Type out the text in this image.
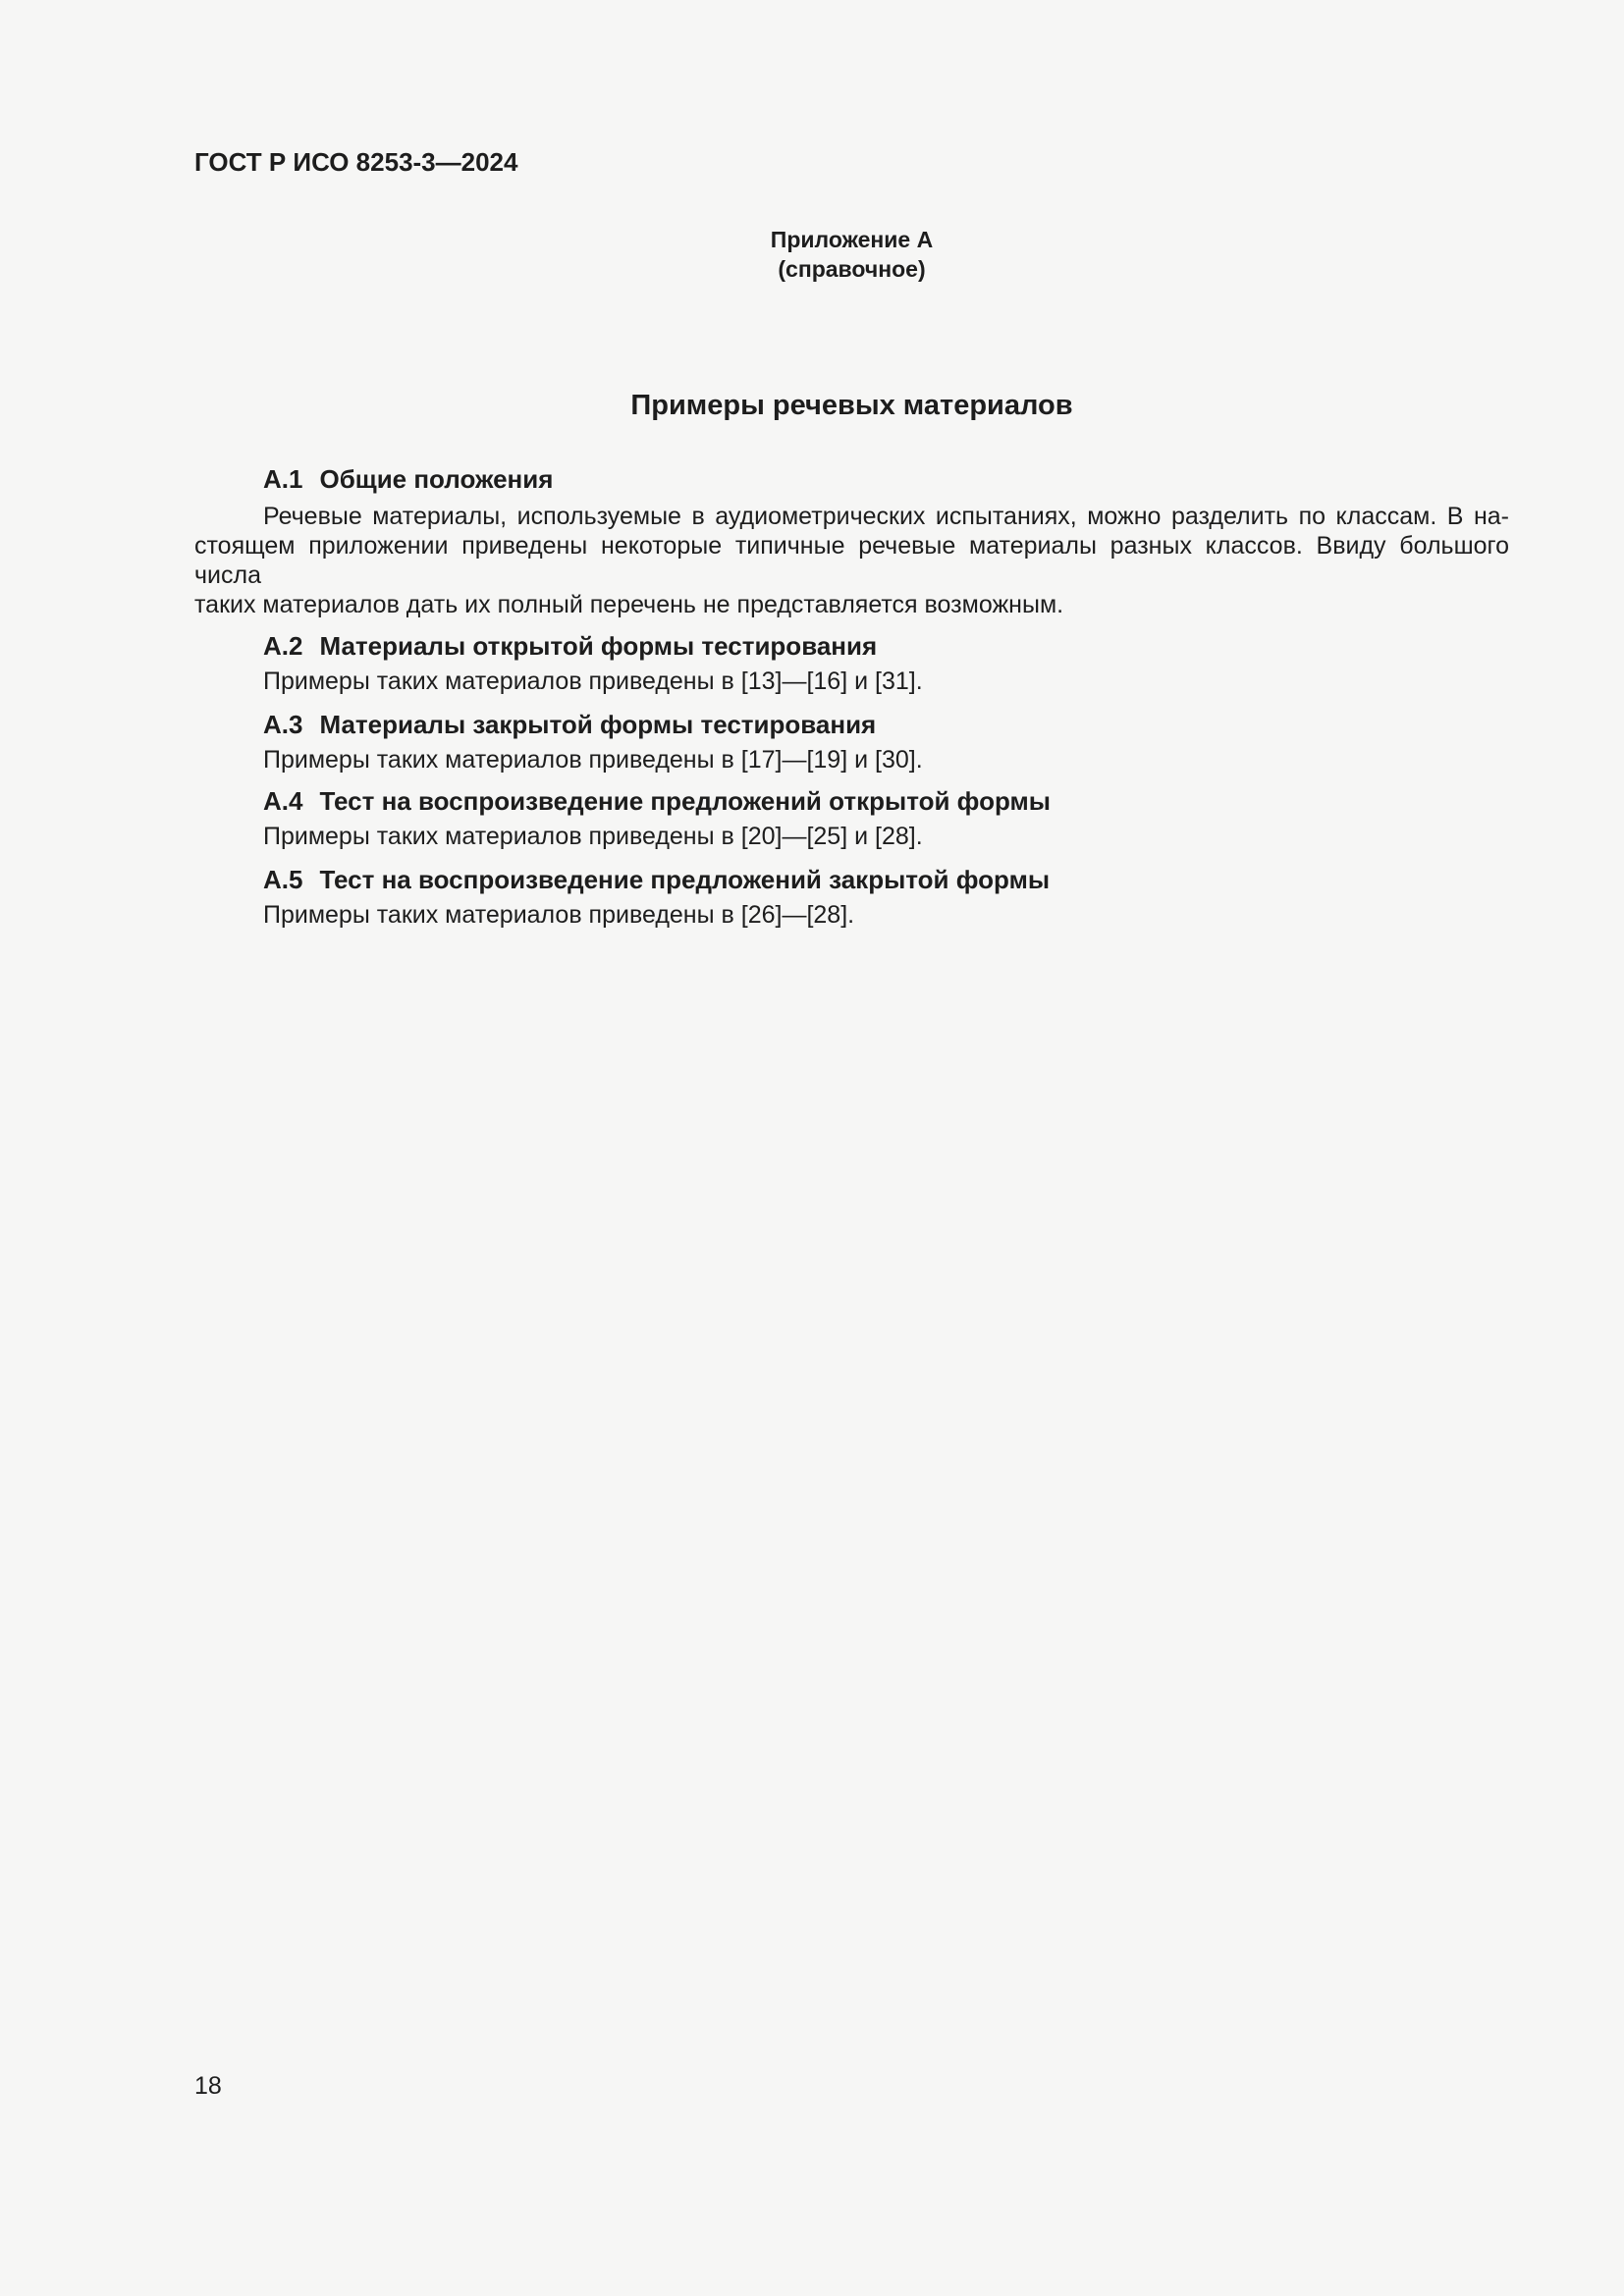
ГОСТ Р ИСО 8253-3—2024

Приложение А

(справочное)

Примеры речевых материалов
А.1 Общие положения

Речевые материалы, используемые в аудиометрических испытаниях, можно разделить по классам. В на-

стоящем приложении приведены некоторые типичные речевые материалы разных классов. Ввиду большого числа

таких материалов дать их полный перечень не представляется возможным.

А.2 Материалы открытой формы тестирования

Примеры таких материалов приведены в [13]—[16] и [31].

А.3 Материалы закрытой формы тестирования

Примеры таких материалов приведены в [17]—[19] и [30].

А.4 Тест на воспроизведение предложений открытой формы

Примеры таких материалов приведены в [20]—[25] и [28].

А.5 Тест на воспроизведение предложений закрытой формы

Примеры таких материалов приведены в [26]—[28].

18
